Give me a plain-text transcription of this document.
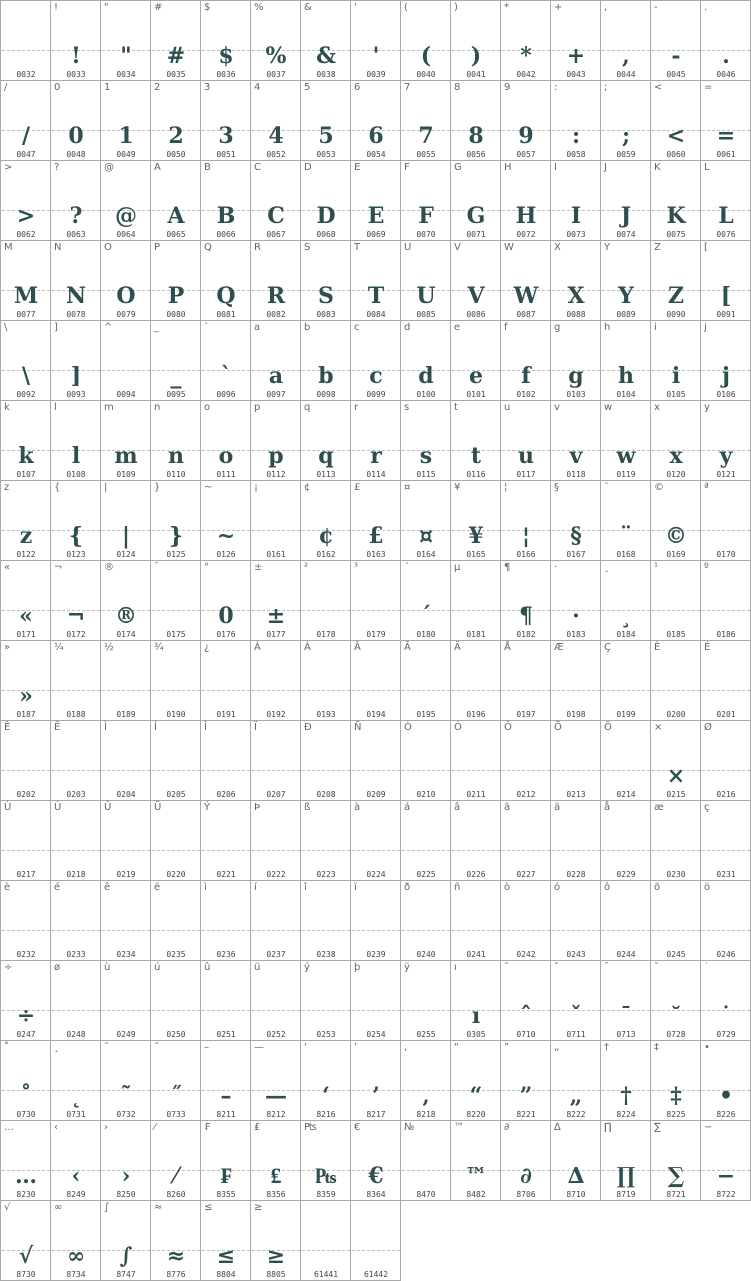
0032
!
!
0033
"
"
0034
#
#
0035
$
$
0036
%
%
0037
&
&
0038
'
'
0039
(
(
0040
)
)
0041
*
*
0042
+
+
0043
,
,
0044
-
-
0045
.
.
0046
/
/
0047
0
0
0048
1
1
0049
2
2
0050
3
3
0051
4
4
0052
5
5
0053
6
6
0054
7
7
0055
8
8
0056
9
9
0057
:
:
0058
;
;
0059
<
<
0060
=
=
0061
>
>
0062
?
?
0063
@
@
0064
A
A
0065
B
B
0066
C
C
0067
D
D
0068
E
E
0069
F
F
0070
G
G
0071
H
H
0072
I
I
0073
J
J
0074
K
K
0075
L
L
0076
M
M
0077
N
N
0078
O
O
0079
P
P
0080
Q
Q
0081
R
R
0082
S
S
0083
T
T
0084
U
U
0085
V
V
0086
W
W
0087
X
X
0088
Y
Y
0089
Z
Z
0090
[
[
0091
\
\
0092
]
]
0093
^
0094
_
_
0095
`
`
0096
a
a
0097
b
b
0098
c
c
0099
d
d
0100
e
e
0101
f
f
0102
g
g
0103
h
h
0104
i
i
0105
j
j
0106
k
k
0107
l
l
0108
m
m
0109
n
n
0110
o
o
0111
p
p
0112
q
q
0113
r
r
0114
s
s
0115
t
t
0116
u
u
0117
v
v
0118
w
w
0119
x
x
0120
y
y
0121
z
z
0122
{
{
0123
|
|
0124
}
}
0125
~
~
0126
¡
0161
¢
¢
0162
£
£
0163
¤
¤
0164
¥
¥
0165
¦
¦
0166
§
§
0167
¨
¨
0168
©
©
0169
ª
0170
«
«
0171
¬
¬
0172
®
®
0174
¯
0175
°
0
0176
±
±
0177
²
0178
³
0179
´
´
0180
µ
0181
¶
¶
0182
·
·
0183
¸
¸
0184
¹
0185
º
0186
»
»
0187
¼
0188
½
0189
¾
0190
¿
0191
À
0192
Á
0193
Â
0194
Ã
0195
Ä
0196
Å
0197
Æ
0198
Ç
0199
È
0200
É
0201
Ê
0202
Ë
0203
Ì
0204
Í
0205
Î
0206
Ï
0207
Ð
0208
Ñ
0209
Ò
0210
Ó
0211
Ô
0212
Õ
0213
Ö
0214
×
×
0215
Ø
0216
Ù
0217
Ú
0218
Û
0219
Ü
0220
Ý
0221
Þ
0222
ß
0223
à
0224
á
0225
â
0226
ã
0227
ä
0228
å
0229
æ
0230
ç
0231
è
0232
é
0233
ê
0234
ë
0235
ì
0236
í
0237
î
0238
ï
0239
ð
0240
ñ
0241
ò
0242
ó
0243
ô
0244
õ
0245
ö
0246
÷
÷
0247
ø
0248
ù
0249
ú
0250
û
0251
ü
0252
ý
0253
þ
0254
ÿ
0255
ı
ı
0305
ˆ
ˆ
0710
ˇ
ˇ
0711
ˉ
ˉ
0713
˘
˘
0728
˙
˙
0729
˚
˚
0730
˛
˛
0731
˜
˜
0732
˝
˝
0733
–
–
8211
—
—
8212
‘
‘
8216
’
’
8217
‚
‚
8218
“
“
8220
”
”
8221
„
„
8222
†
†
8224
‡
‡
8225
•
•
8226
…
…
8230
‹
‹
8249
›
›
8250
⁄
⁄
8260
₣
₣
8355
₤
₤
8356
₧
₧
8359
€
€
8364
№
8470
™
™
8482
∂
∂
8706
∆
∆
8710
∏
∏
8719
∑
∑
8721
−
−
8722
√
√
8730
∞
∞
8734
∫
∫
8747
≈
≈
8776
≤
≤
8804
≥
≥
8805	61441	61442
